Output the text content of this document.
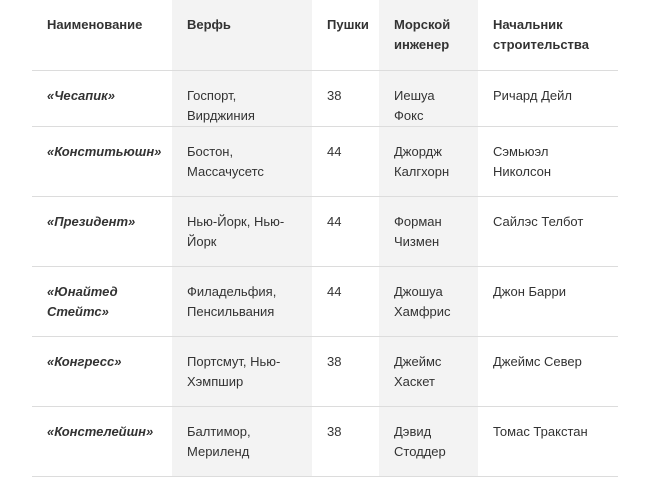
Наименование	Верфь	Пушки	Морской инженер	Начальник строительства
«Чесапик»	Госпорт, Вирджиния	38	Иешуа Фокс	Ричард Дейл
«Конститьюшн»	Бостон, Массачусетс	44	Джордж Калгхорн	Сэмьюэл Николсон
«Президент»	Нью-Йорк, Нью-Йорк	44	Форман Чизмен	Сайлэс Телбот
«Юнайтед Стейтс»	Филадельфия, Пенсильвания	44	Джошуа Хамфрис	Джон Барри
«Конгресс»	Портсмут, Нью-Хэмпшир	38	Джеймс Хаскет	Джеймс Север
«Констелейшн»	Балтимор, Мериленд	38	Дэвид Стоддер	Томас Тракстан
